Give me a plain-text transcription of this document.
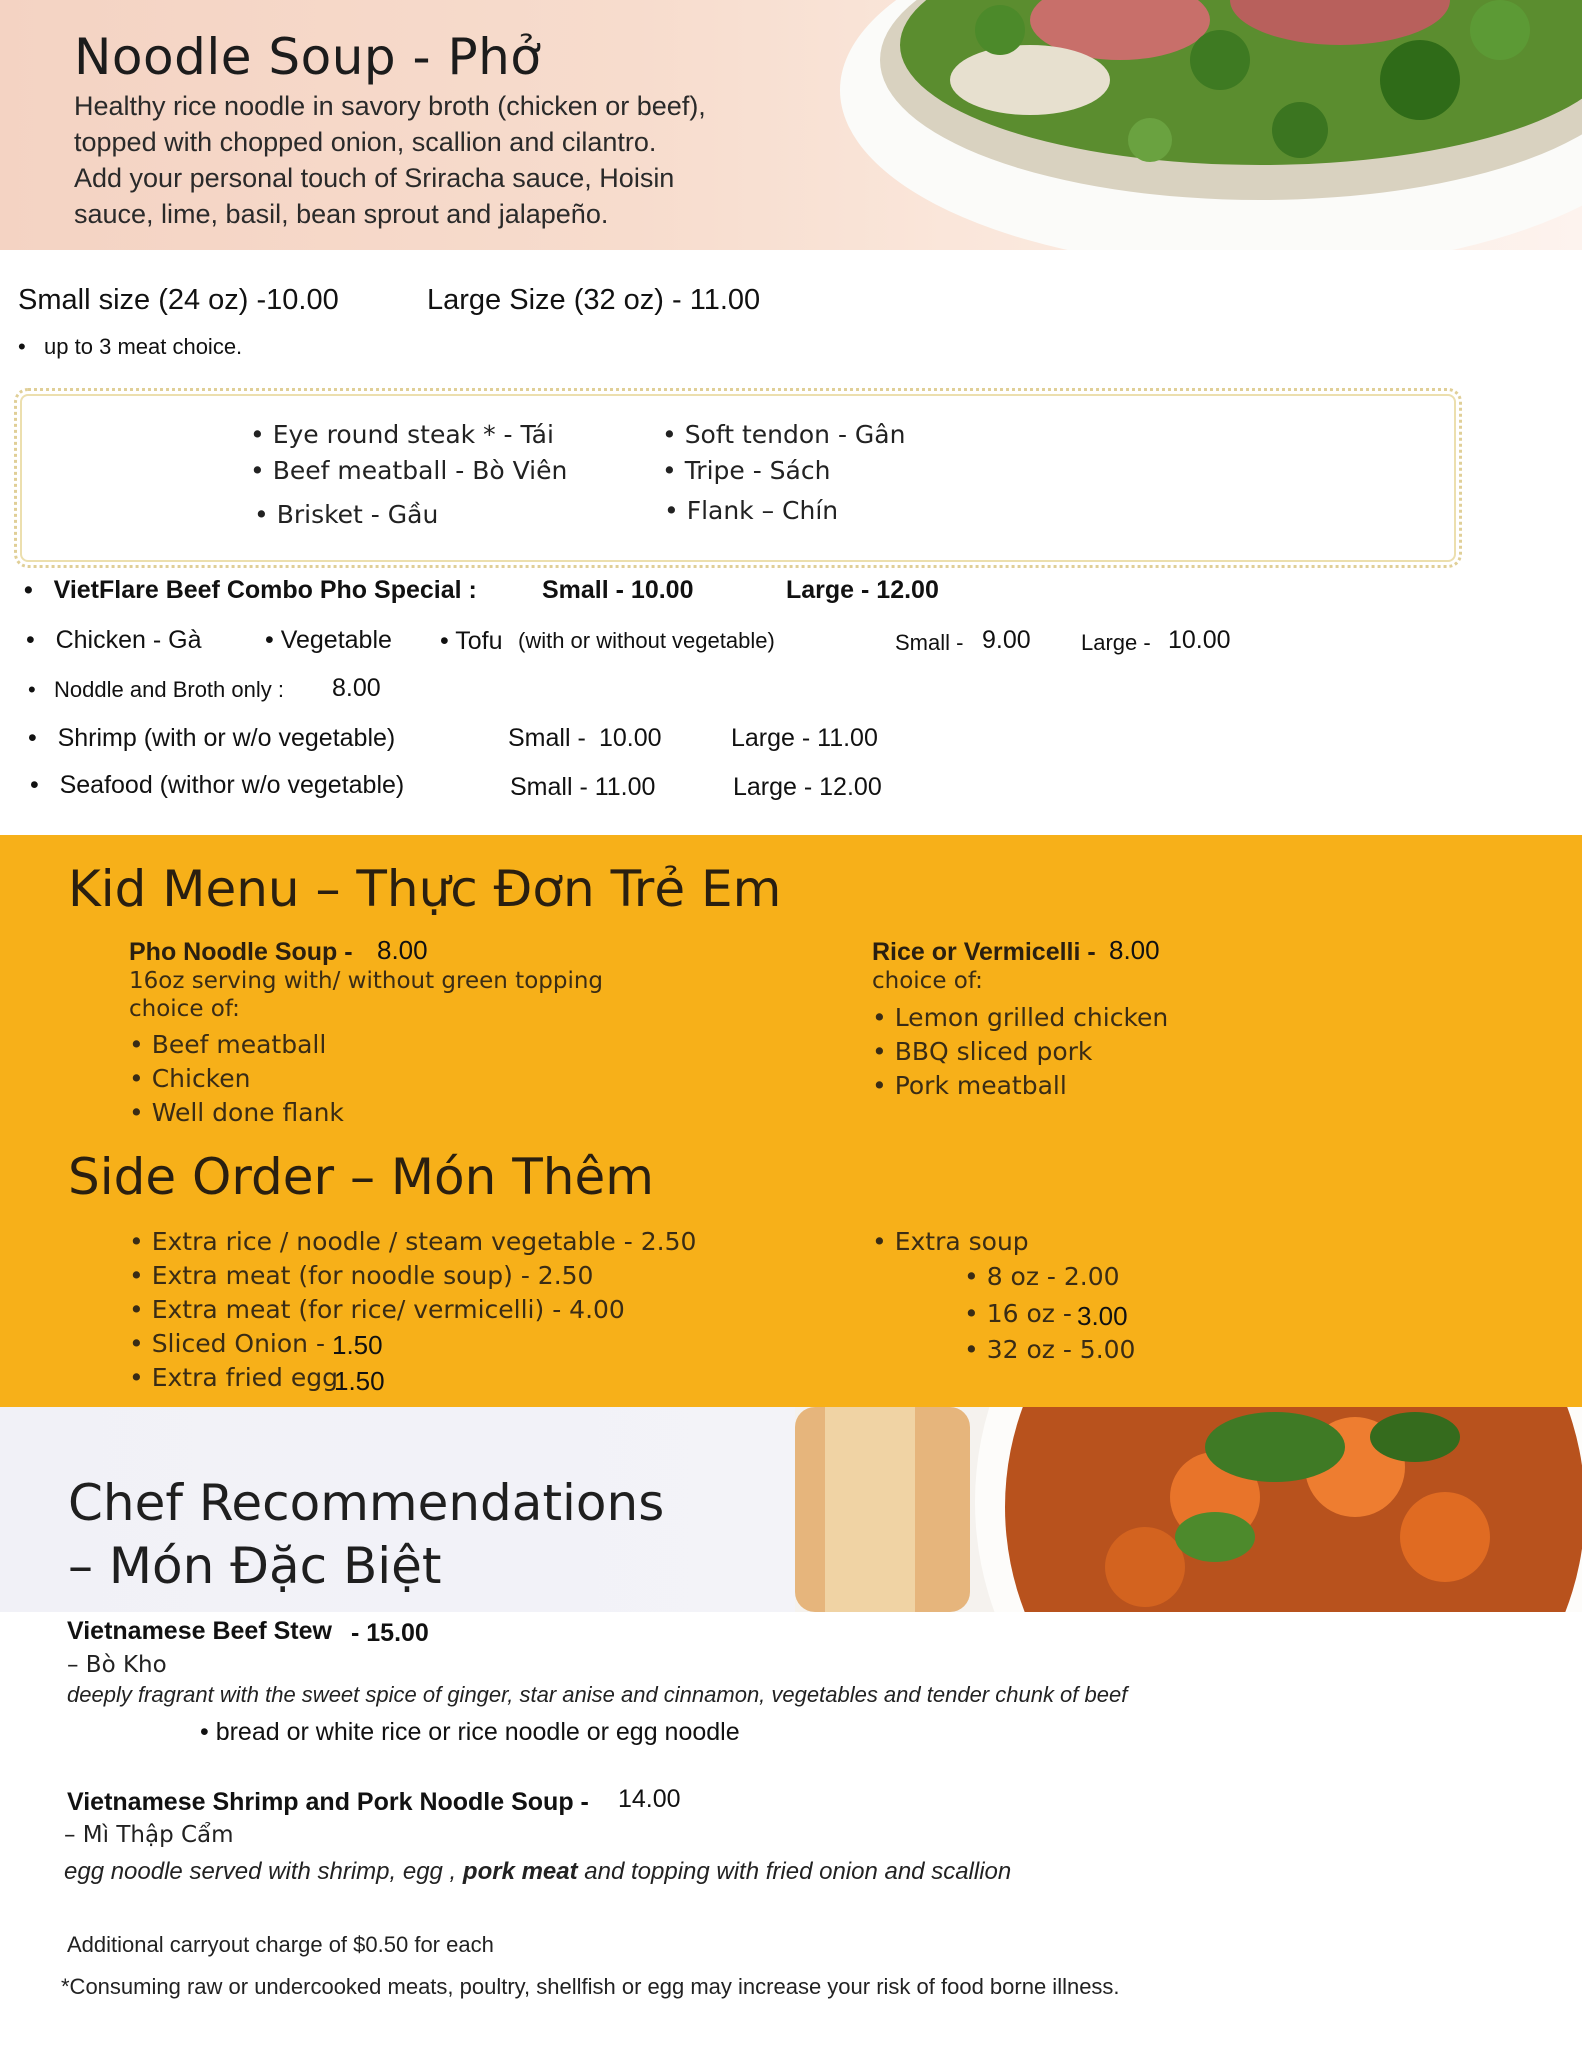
Noodle Soup - Phở
Healthy rice noodle in savory broth (chicken or beef),
topped with chopped onion, scallion and cilantro.
Add your personal touch of Sriracha sauce, Hoisin
sauce, lime, basil, bean sprout and jalapeño.
Small size (24 oz) -10.00	Large Size (32 oz) - 11.00
•   up to 3 meat choice.
• Eye round steak * - Tái
• Beef meatball - Bò Viên
• Brisket - Gầu
• Soft tendon - Gân
• Tripe - Sách
• Flank – Chín
•   VietFlare Beef Combo Pho Special :	Small - 10.00	Large - 12.00
•   Chicken - Gà	• Vegetable • Tofu (with or without vegetable)	Small - 9.00 Large - 10.00
•   Noddle and Broth only : 8.00
•   Shrimp (with or w/o vegetable)	Small - 10.00	Large - 11.00
•   Seafood (withor w/o vegetable)	Small - 11.00	Large - 12.00
Kid Menu – Thực Đơn Trẻ Em
Pho Noodle Soup - 8.00
16oz serving with/ without green topping
choice of:
• Beef meatball
• Chicken
• Well done flank
Rice or Vermicelli - 8.00
choice of:
• Lemon grilled chicken
• BBQ sliced pork
• Pork meatball
Side Order – Món Thêm
• Extra rice / noodle / steam vegetable - 2.50
• Extra meat (for noodle soup) - 2.50
• Extra meat (for rice/ vermicelli) - 4.00
• Sliced Onion - 1.50
• Extra fried egg
1.50
• Extra soup
• 8 oz - 2.00
• 16 oz - 3.00
• 32 oz - 5.00
Chef Recommendations
– Món Đặc Biệt
Vietnamese Beef Stew - 15.00
– Bò Kho
deeply fragrant with the sweet spice of ginger, star anise and cinnamon, vegetables and tender chunk of beef
• bread or white rice or rice noodle or egg noodle
Vietnamese Shrimp and Pork Noodle Soup - 14.00
– Mì Thập Cẩm
egg noodle served with shrimp, egg , pork meat and topping with fried onion and scallion
Additional carryout charge of $0.50 for each
*Consuming raw or undercooked meats, poultry, shellfish or egg may increase your risk of food borne illness.
